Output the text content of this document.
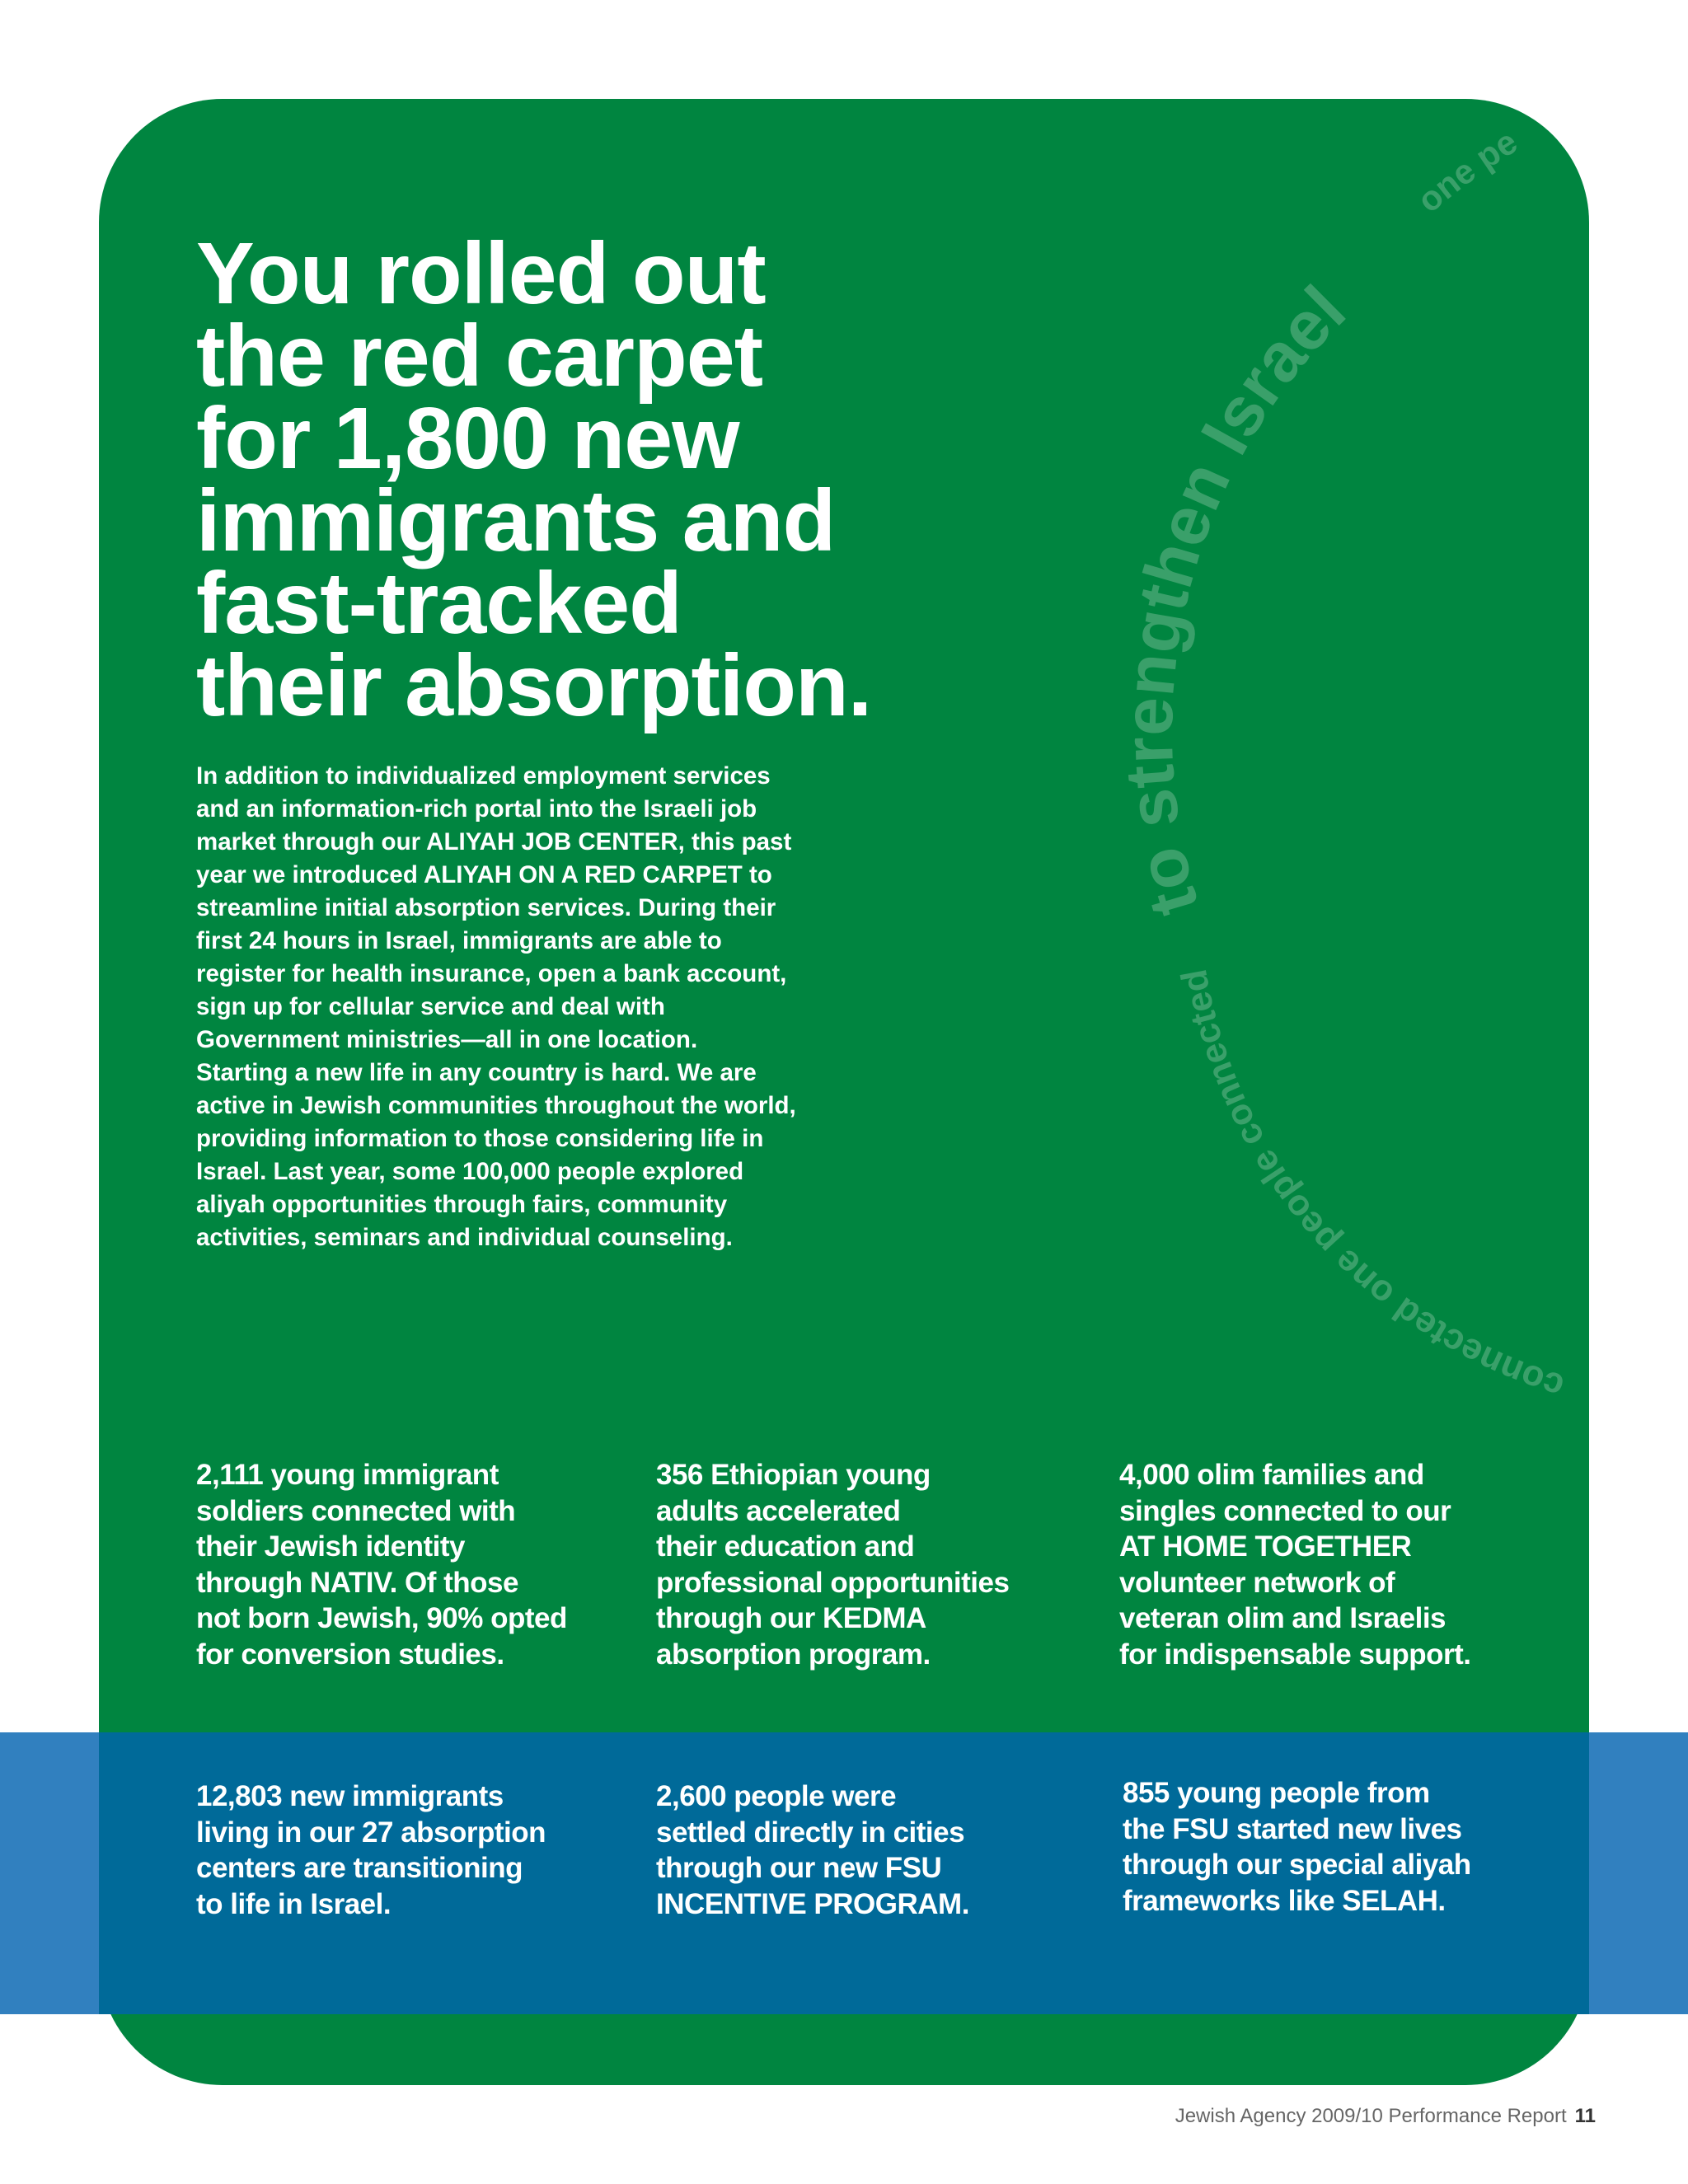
to strengthen Israel
connected one people connected
one pe
You rolled out
the red carpet
for 1,800 new
immigrants and
fast-tracked
their absorption.

In addition to individualized employment services
and an information-rich portal into the Israeli job
market through our ALIYAH JOB CENTER, this past
year we introduced ALIYAH ON A RED CARPET to
streamline initial absorption services. During their
first 24 hours in Israel, immigrants are able to
register for health insurance, open a bank account,
sign up for cellular service and deal with
Government ministries—all in one location.
Starting a new life in any country is hard. We are
active in Jewish communities throughout the world,
providing information to those considering life in
Israel. Last year, some 100,000 people explored
aliyah opportunities through fairs, community
activities, seminars and individual counseling.

2,111 young immigrant
soldiers connected with
their Jewish identity
through NATIV. Of those
not born Jewish, 90% opted
for conversion studies.

356 Ethiopian young
adults accelerated
their education and
professional opportunities
through our KEDMA
absorption program.

4,000 olim families and
singles connected to our
AT HOME TOGETHER
volunteer network of
veteran olim and Israelis
for indispensable support.

12,803 new immigrants
living in our 27 absorption
centers are transitioning
to life in Israel.

2,600 people were
settled directly in cities
through our new FSU
INCENTIVE PROGRAM.

855 young people from
the FSU started new lives
through our special aliyah
frameworks like SELAH.

Jewish Agency 2009/10 Performance Report 11
